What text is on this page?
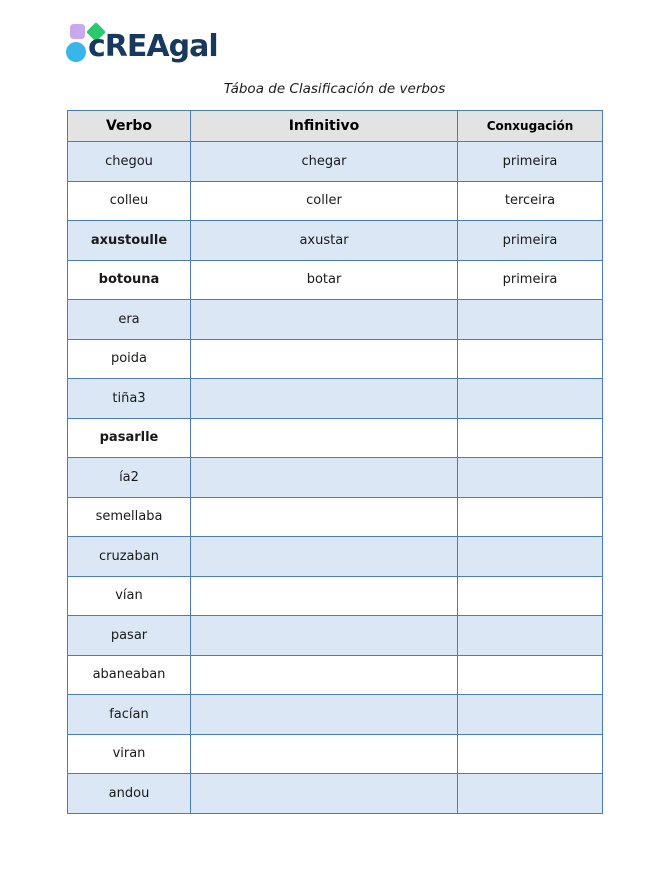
cREAgal
Táboa de Clasificación de verbos
Verbo	Infinitivo	Conxugación
chegou	chegar	primeira
colleu	coller	terceira
axustoulle	axustar	primeira
botouna	botar	primeira
era		
poida		
tiña3		
pasarlle		
ía2		
semellaba		
cruzaban		
vían		
pasar		
abaneaban		
facían		
viran		
andou		
